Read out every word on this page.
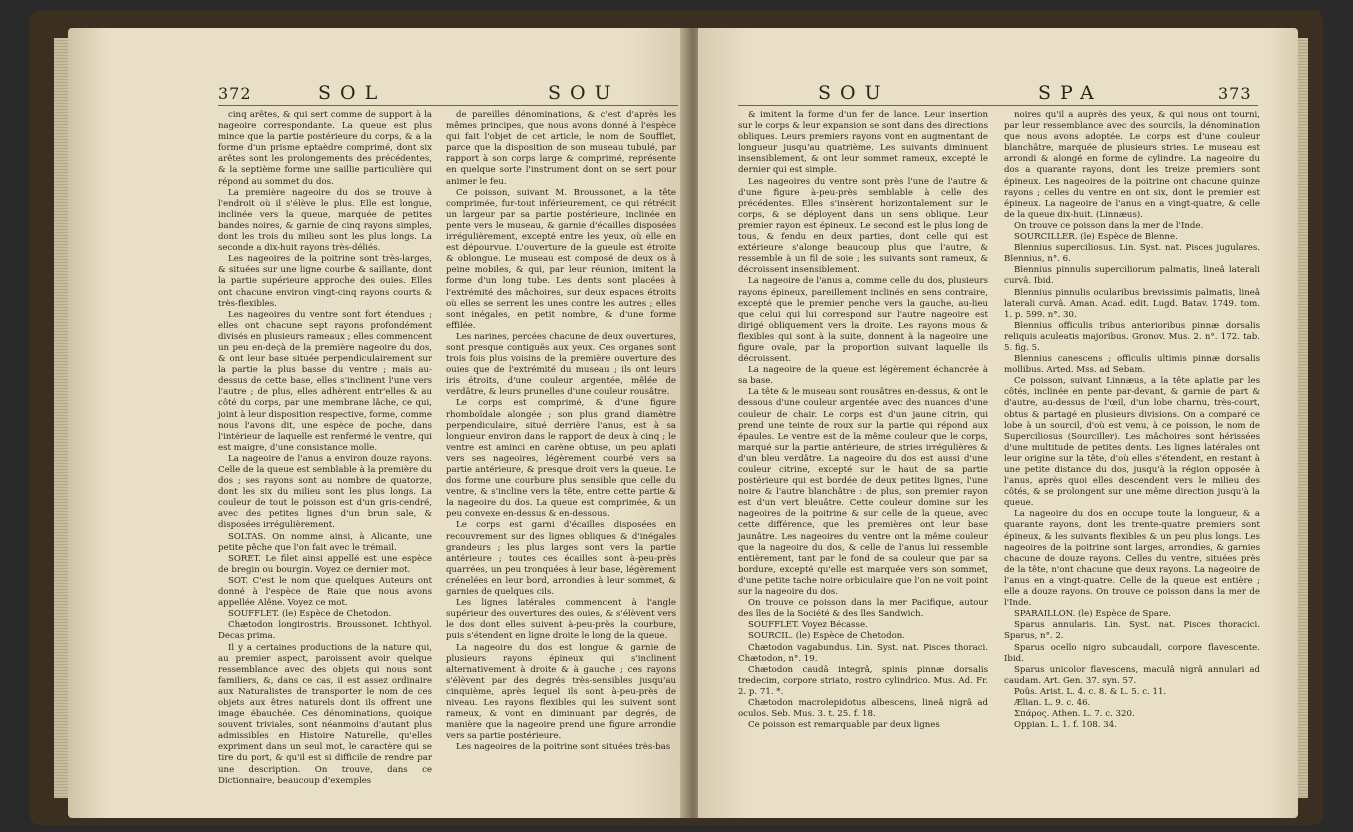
372	SOL	SOU

cinq arêtes, & qui sert comme de support à la nageoire correspondante. La queue est plus mince que la partie postérieure du corps, & a la forme d'un prisme eptaèdre comprimé, dont six arêtes sont les prolongements des précédentes, & la septième forme une saillie particulière qui répond au sommet du dos.

La première nageoire du dos se trouve à l'endroit où il s'élève le plus. Elle est longue, inclinée vers la queue, marquée de petites bandes noires, & garnie de cinq rayons simples, dont les trois du milieu sont les plus longs. La seconde a dix-huit rayons très-déliés.

Les nageoires de la poitrine sont très-larges, & situées sur une ligne courbe & saillante, dont la partie supérieure approche des ouies. Elles ont chacune environ vingt-cinq rayons courts & très-flexibles.

Les nageoires du ventre sont fort étendues ; elles ont chacune sept rayons profondément divisés en plusieurs rameaux ; elles commencent un peu en-deçà de la première nageoire du dos, & ont leur base située perpendiculairement sur la partie la plus basse du ventre ; mais au-dessus de cette base, elles s'inclinent l'une vers l'autre ; de plus, elles adhèrent entr'elles & au côté du corps, par une membrane lâche, ce qui, joint à leur disposition respective, forme, comme nous l'avons dit, une espèce de poche, dans l'intérieur de laquelle est renfermé le ventre, qui est maigre, d'une consistance molle.

La nageoire de l'anus a environ douze rayons. Celle de la queue est semblable à la première du dos ; ses rayons sont au nombre de quatorze, dont les six du milieu sont les plus longs. La couleur de tout le poisson est d'un gris-cendré, avec des petites lignes d'un brun sale, & disposées irrégulièrement.

SOLTAS. On nomme ainsi, à Alicante, une petite pêche que l'on fait avec le trémail.

SORET. Le filet ainsi appellé est une espèce de bregin ou bourgin. Voyez ce dernier mot.

SOT. C'est le nom que quelques Auteurs ont donné à l'espèce de Raie que nous avons appellée Alêne. Voyez ce mot.

SOUFFLET. (le) Espèce de Chetodon.

Chætodon longirostris. Broussonet. Ichthyol. Decas prima.

Il y a certaines productions de la nature qui, au premier aspect, paroissent avoir quelque ressemblance avec des objets qui nous sont familiers, &, dans ce cas, il est assez ordinaire aux Naturalistes de transporter le nom de ces objets aux êtres naturels dont ils offrent une image ébauchée. Ces dénominations, quoique souvent triviales, sont néanmoins d'autant plus admissibles en Histoire Naturelle, qu'elles expriment dans un seul mot, le caractère qui se tire du port, & qu'il est si difficile de rendre par une description. On trouve, dans ce Dictionnaire, beaucoup d'exemples

de pareilles dénominations, & c'est d'après les mêmes principes, que nous avons donné à l'espèce qui fait l'objet de cet article, le nom de Soufflet, parce que la disposition de son museau tubulé, par rapport à son corps large & comprimé, représente en quelque sorte l'instrument dont on se sert pour animer le feu.

Ce poisson, suivant M. Broussonet, a la tête comprimée, fur-tout inférieurement, ce qui rétrécit un largeur par sa partie postérieure, inclinée en pente vers le museau, & garnie d'écailles disposées irrégulièrement, excepté entre les yeux, où elle en est dépourvue. L'ouverture de la gueule est étroite & oblongue. Le museau est composé de deux os à peine mobiles, & qui, par leur réunion, imitent la forme d'un long tube. Les dents sont placées à l'extrémité des mâchoires, sur deux espaces étroits où elles se serrent les unes contre les autres ; elles sont inégales, en petit nombre, & d'une forme effilée.

Les narines, percées chacune de deux ouvertures, sont presque contiguës aux yeux. Ces organes sont trois fois plus voisins de la première ouverture des ouies que de l'extrémité du museau ; ils ont leurs iris étroits, d'une couleur argentée, mêlée de verdâtre, & leurs prunelles d'une couleur rousâtre.

Le corps est comprimé, & d'une figure rhomboïdale alongée ; son plus grand diamètre perpendiculaire, situé derrière l'anus, est à sa longueur environ dans le rapport de deux à cinq ; le ventre est aminci en carène obtuse, un peu aplati vers ses nageoires, légèrement courbé vers sa partie antérieure, & presque droit vers la queue. Le dos forme une courbure plus sensible que celle du ventre, & s'incline vers la tête, entre cette partie & la nageoire du dos. La queue est comprimée, & un peu convexe en-dessus & en-dessous.

Le corps est garni d'écailles disposées en recouvrement sur des lignes obliques & d'inégales grandeurs ; les plus larges sont vers la partie antérieure ; toutes ces écailles sont à-peu-près quarrées, un peu tronquées à leur base, légèrement crénelées en leur bord, arrondies à leur sommet, & garnies de quelques cils.

Les lignes latérales commencent à l'angle supérieur des ouvertures des ouies, & s'élèvent vers le dos dont elles suivent à-peu-près la courbure, puis s'étendent en ligne droite le long de la queue.

La nageoire du dos est longue & garnie de plusieurs rayons épineux qui s'inclinent alternativement à droite & à gauche ; ces rayons s'élèvent par des degrés très-sensibles jusqu'au cinquième, après lequel ils sont à-peu-près de niveau. Les rayons flexibles qui les suivent sont rameux, & vont en diminuant par degrés, de manière que la nageoire prend une figure arrondie vers sa partie postérieure.

Les nageoires de la poitrine sont situées très-bas

SOU	SPA	373

& imitent la forme d'un fer de lance. Leur insertion sur le corps & leur expansion se sont dans des directions obliques. Leurs premiers rayons vont en augmentant de longueur jusqu'au quatrième. Les suivants diminuent insensiblement, & ont leur sommet rameux, excepté le dernier qui est simple.

Les nageoires du ventre sont près l'une de l'autre & d'une figure à-peu-près semblable à celle des précédentes. Elles s'insèrent horizontalement sur le corps, & se déployent dans un sens oblique. Leur premier rayon est épineux. Le second est le plus long de tous, & fendu en deux parties, dont celle qui est extérieure s'alonge beaucoup plus que l'autre, & ressemble à un fil de soie ; les suivants sont rameux, & décroissent insensiblement.

La nageoire de l'anus a, comme celle du dos, plusieurs rayons épineux, pareillement inclinés en sens contraire, excepté que le premier penche vers la gauche, au-lieu que celui qui lui correspond sur l'autre nageoire est dirigé obliquement vers la droite. Les rayons mous & flexibles qui sont à la suite, donnent à la nageoire une figure ovale, par la proportion suivant laquelle ils décroissent.

La nageoire de la queue est légèrement échancrée à sa base.

La tête & le museau sont rousâtres en-dessus, & ont le dessous d'une couleur argentée avec des nuances d'une couleur de chair. Le corps est d'un jaune citrin, qui prend une teinte de roux sur la partie qui répond aux épaules. Le ventre est de la même couleur que le corps, marqué sur la partie antérieure, de stries irrégulières & d'un bleu verdâtre. La nageoire du dos est aussi d'une couleur citrine, excepté sur le haut de sa partie postérieure qui est bordée de deux petites lignes, l'une noire & l'autre blanchâtre : de plus, son premier rayon est d'un vert bleuâtre. Cette couleur domine sur les nageoires de la poitrine & sur celle de la queue, avec cette différence, que les premières ont leur base jaunâtre. Les nageoires du ventre ont la même couleur que la nageoire du dos, & celle de l'anus lui ressemble entièrement, tant par le fond de sa couleur que par sa bordure, excepté qu'elle est marquée vers son sommet, d'une petite tache noire orbiculaire que l'on ne voit point sur la nageoire du dos.

On trouve ce poisson dans la mer Pacifique, autour des îles de la Société & des îles Sandwich.

SOUFFLET. Voyez Bécasse.

SOURCIL. (le) Espèce de Chetodon.

Chætodon vagabundus. Lin. Syst. nat. Pisces thoraci. Chætodon, n°. 19.

Chætodon caudâ integrâ, spinis pinnæ dorsalis tredecim, corpore striato, rostro cylindrico. Mus. Ad. Fr. 2. p. 71. *.

Chætodon macrolepidotus albescens, lineâ nigrâ ad oculos. Seb. Mus. 3. t. 25. f. 18.

Ce poisson est remarquable par deux lignes

noires qu'il a auprès des yeux, & qui nous ont tourni, par leur ressemblance avec des sourcils, la dénomination que nous avons adoptée. Le corps est d'une couleur blanchâtre, marquée de plusieurs stries. Le museau est arrondi & alongé en forme de cylindre. La nageoire du dos a quarante rayons, dont les treize premiers sont épineux. Les nageoires de la poitrine ont chacune quinze rayons ; celles du ventre en ont six, dont le premier est épineux. La nageoire de l'anus en a vingt-quatre, & celle de la queue dix-huit. (Linnæus).

On trouve ce poisson dans la mer de l'Inde.

SOURCILLER. (le) Espèce de Blenne.

Blennius superciliosus. Lin. Syst. nat. Pisces jugulares. Blennius, n°. 6.

Blennius pinnulis superciliorum palmatis, lineâ laterali curvâ. Ibid.

Blennius pinnulis ocularibus brevissimis palmatis, lineâ laterali curvâ. Aman. Acad. edit. Lugd. Batav. 1749. tom. 1. p. 599. n°. 30.

Blennius officulis tribus anterioribus pinnæ dorsalis reliquis aculeatis majoribus. Gronov. Mus. 2. n°. 172. tab. 5. fig. 5.

Blennius canescens ; officulis ultimis pinnæ dorsalis mollibus. Arted. Mss. ad Sebam.

Ce poisson, suivant Linnæus, a la tête aplatie par les côtés, inclinée en pente par-devant, & garnie de part & d'autre, au-dessus de l'œil, d'un lobe charnu, très-court, obtus & partagé en plusieurs divisions. On a comparé ce lobe à un sourcil, d'où est venu, à ce poisson, le nom de Superciliosus (Sourciller). Les mâchoires sont hérissées d'une multitude de petites dents. Les lignes latérales ont leur origine sur la tête, d'où elles s'étendent, en restant à une petite distance du dos, jusqu'à la région opposée à l'anus, après quoi elles descendent vers le milieu des côtés, & se prolongent sur une même direction jusqu'à la queue.

La nageoire du dos en occupe toute la longueur, & a quarante rayons, dont les trente-quatre premiers sont épineux, & les suivants flexibles & un peu plus longs. Les nageoires de la poitrine sont larges, arrondies, & garnies chacune de douze rayons. Celles du ventre, situées près de la tête, n'ont chacune que deux rayons. La nageoire de l'anus en a vingt-quatre. Celle de la queue est entière ; elle a douze rayons. On trouve ce poisson dans la mer de l'Inde.

SPARAILLON. (le) Espèce de Spare.

Sparus annularis. Lin. Syst. nat. Pisces thoracici. Sparus, n°. 2.

Sparus ocello nigro subcaudali, corpore flavescente. Ibid.

Sparus unicolor flavescens, maculâ nigrâ annulari ad caudam. Art. Gen. 37. syn. 57.

Poûs. Arist. L. 4. c. 8. & L. 5. c. 11.

Ælian. L. 9. c. 46.

Σπάρος. Athen. L. 7. c. 320.

Oppian. L. 1. f. 108. 34.
